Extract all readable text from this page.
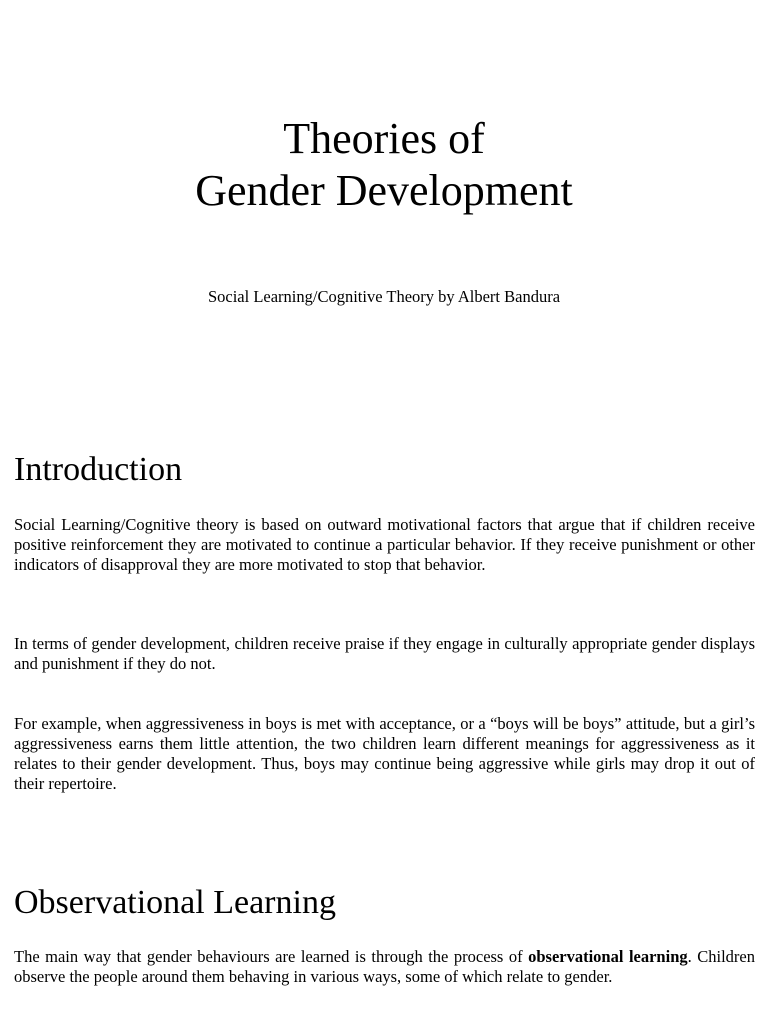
Theories of
Gender Development

Social Learning/Cognitive Theory by Albert Bandura

Introduction

Social Learning/Cognitive theory is based on outward motivational factors that argue that if children receive positive reinforcement they are motivated to continue a particular behavior. If they receive punishment or other indicators of disapproval they are more motivated to stop that behavior.

In terms of gender development, children receive praise if they engage in culturally appropriate gender displays and punishment if they do not.

For example, when aggressiveness in boys is met with acceptance, or a “boys will be boys” attitude, but a girl’s aggressiveness earns them little attention, the two children learn different meanings for aggressiveness as it relates to their gender development. Thus, boys may continue being aggressive while girls may drop it out of their repertoire.

Observational Learning

The main way that gender behaviours are learned is through the process of observational learning. Children observe the people around them behaving in various ways, some of which relate to gender.
